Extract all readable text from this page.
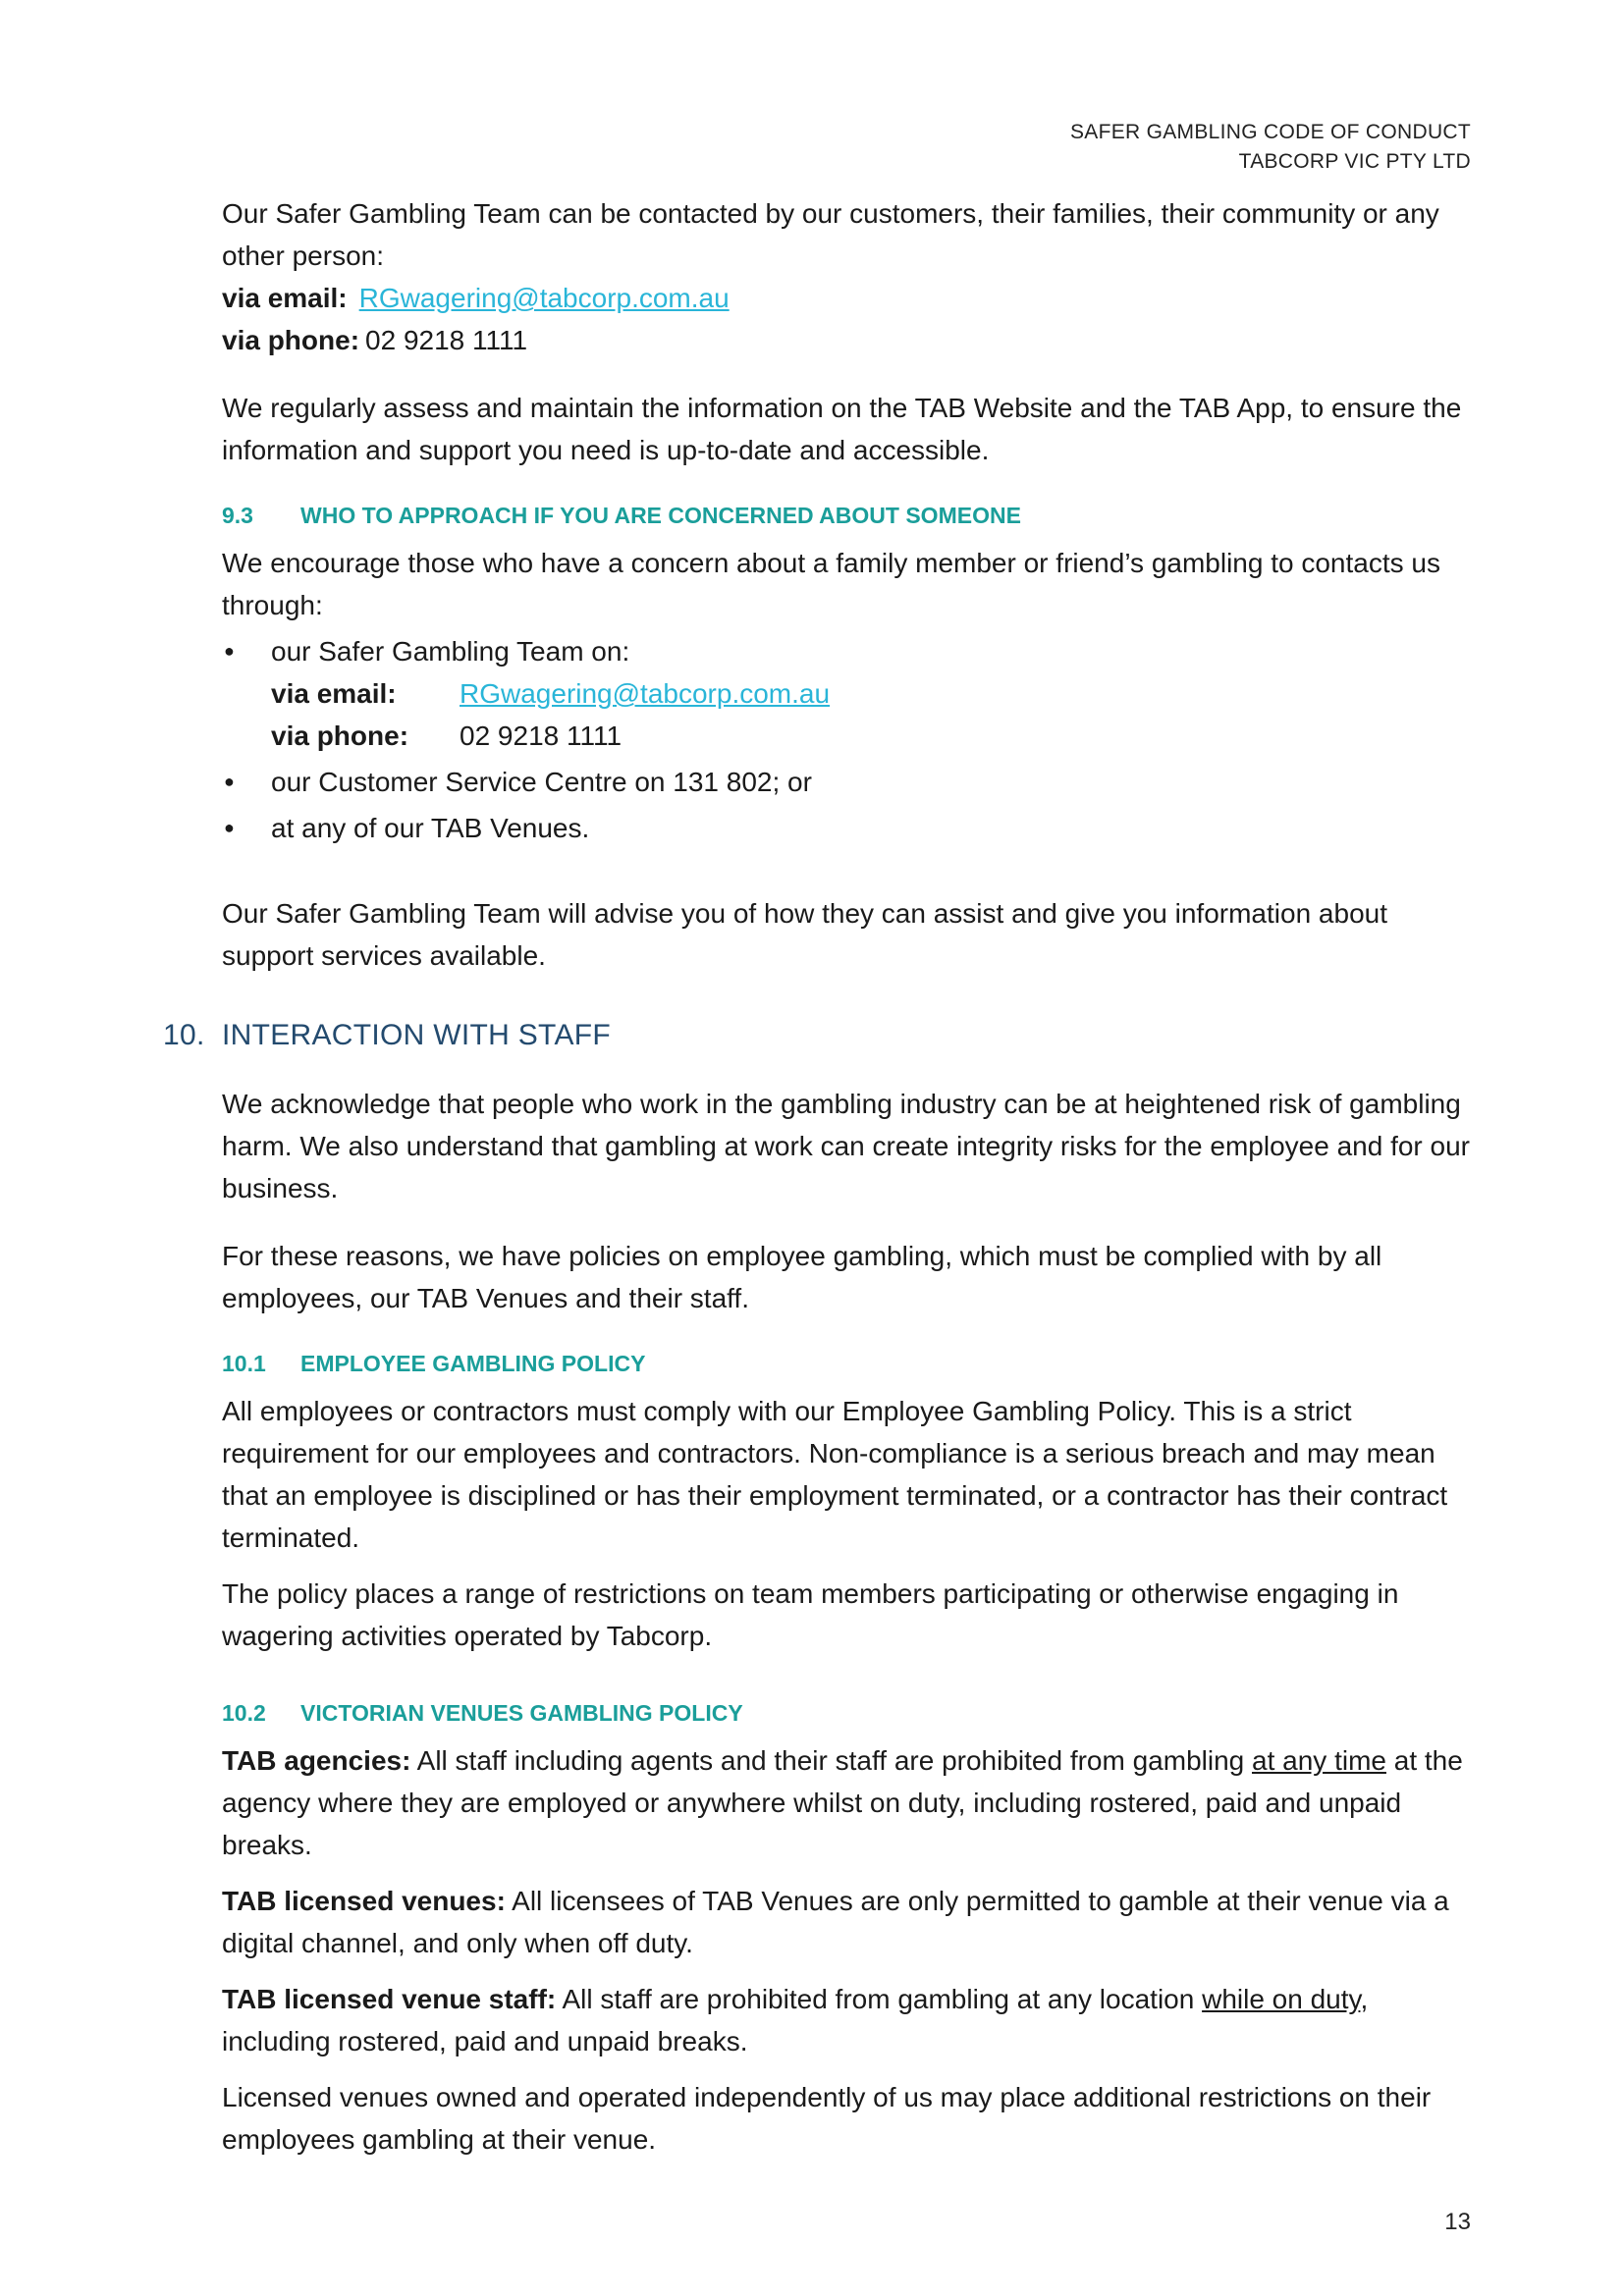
SAFER GAMBLING CODE OF CONDUCT
TABCORP VIC PTY LTD

Our Safer Gambling Team can be contacted by our customers, their families, their community or any other person:

via email: RGwagering@tabcorp.com.au

via phone: 02 9218 1111

We regularly assess and maintain the information on the TAB Website and the TAB App, to ensure the information and support you need is up-to-date and accessible.

9.3	WHO TO APPROACH IF YOU ARE CONCERNED ABOUT SOMEONE

We encourage those who have a concern about a family member or friend’s gambling to contacts us through:

● our Safer Gambling Team on:
via email:	RGwagering@tabcorp.com.au
via phone:	02 9218 1111
● our Customer Service Centre on 131 802; or
● at any of our TAB Venues.

Our Safer Gambling Team will advise you of how they can assist and give you information about support services available.

10. INTERACTION WITH STAFF

We acknowledge that people who work in the gambling industry can be at heightened risk of gambling harm. We also understand that gambling at work can create integrity risks for the employee and for our business.

For these reasons, we have policies on employee gambling, which must be complied with by all employees, our TAB Venues and their staff.

10.1	EMPLOYEE GAMBLING POLICY

All employees or contractors must comply with our Employee Gambling Policy. This is a strict requirement for our employees and contractors. Non-compliance is a serious breach and may mean that an employee is disciplined or has their employment terminated, or a contractor has their contract terminated.

The policy places a range of restrictions on team members participating or otherwise engaging in wagering activities operated by Tabcorp.

10.2	VICTORIAN VENUES GAMBLING POLICY

TAB agencies: All staff including agents and their staff are prohibited from gambling at any time at the agency where they are employed or anywhere whilst on duty, including rostered, paid and unpaid breaks.

TAB licensed venues: All licensees of TAB Venues are only permitted to gamble at their venue via a digital channel, and only when off duty.

TAB licensed venue staff: All staff are prohibited from gambling at any location while on duty, including rostered, paid and unpaid breaks.

Licensed venues owned and operated independently of us may place additional restrictions on their employees gambling at their venue.

13
